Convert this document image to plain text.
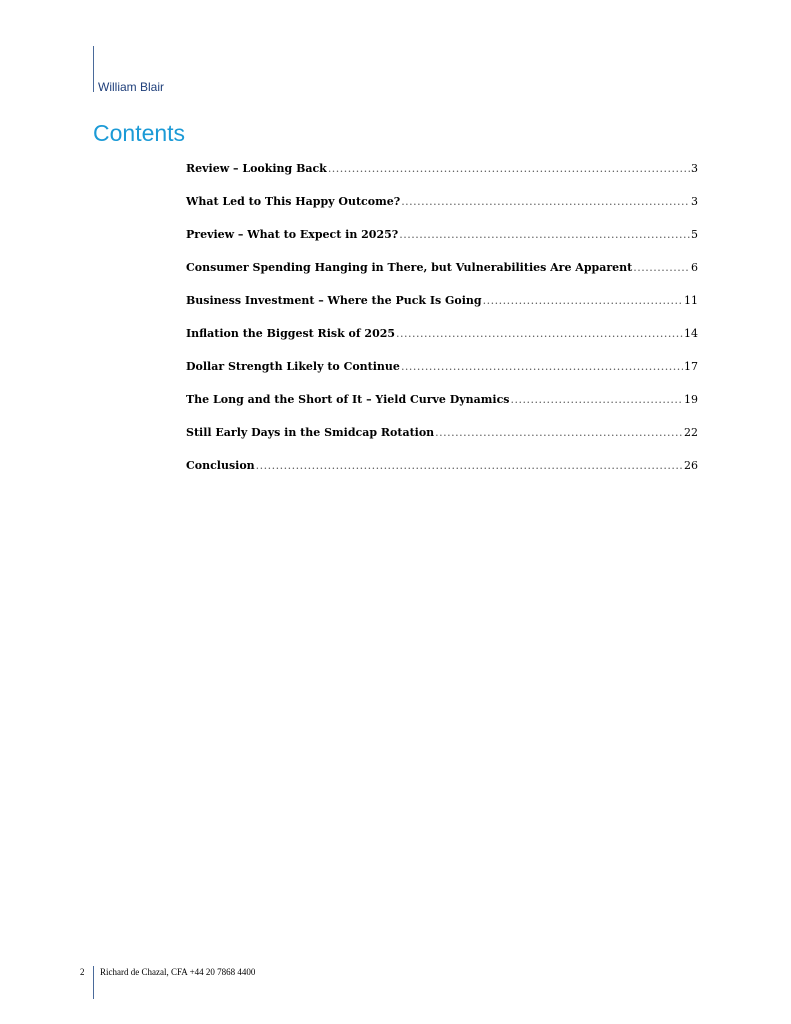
William Blair
Contents
Review – Looking Back .....	3
What Led to This Happy Outcome? .....	3
Preview – What to Expect in 2025? .....	5
Consumer Spending Hanging in There, but Vulnerabilities Are Apparent .....	6
Business Investment – Where the Puck Is Going .....	11
Inflation the Biggest Risk of 2025 .....	14
Dollar Strength Likely to Continue .....	17
The Long and the Short of It – Yield Curve Dynamics .....	19
Still Early Days in the Smidcap Rotation .....	22
Conclusion .....	26
2 Richard de Chazal, CFA +44 20 7868 4400
